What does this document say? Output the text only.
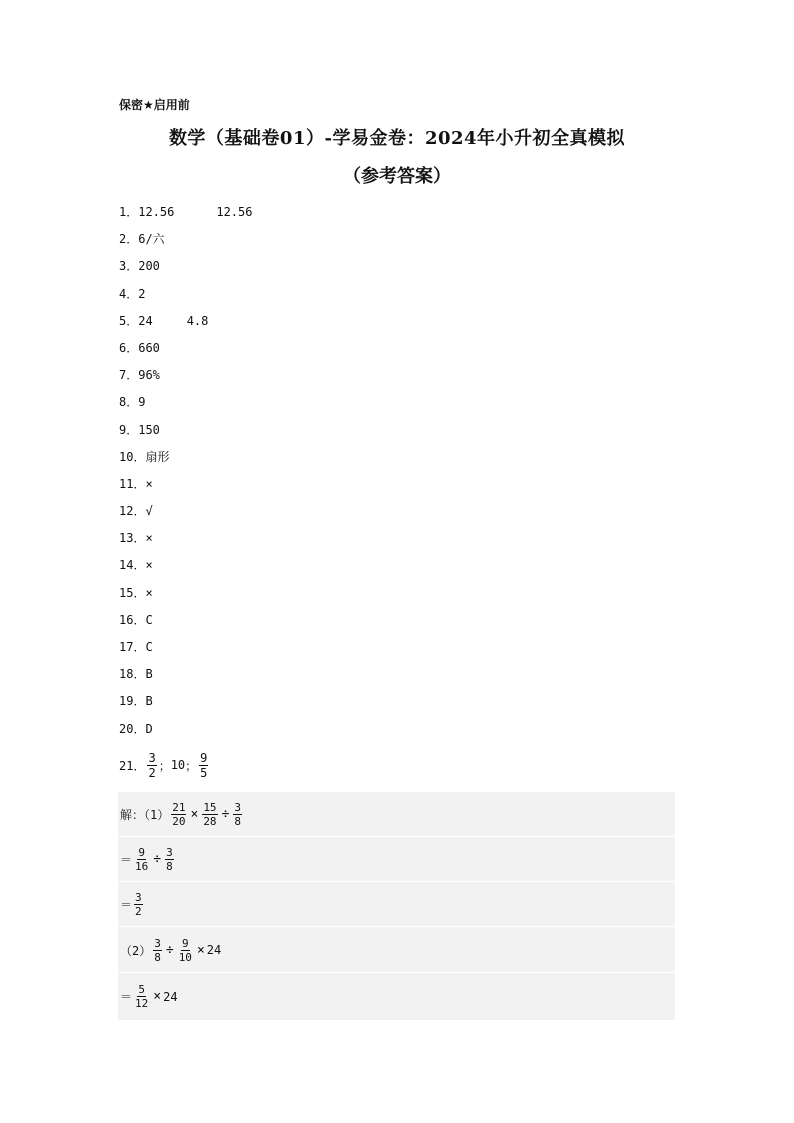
保密★启用前
数学（基础卷01）-学易金卷：2024年小升初全真模拟
（参考答案）
1．12.56	12.56
2．6/六
3．200
4．2
5．24	4.8
6．660
7．96%
8．9
9．150
10．扇形
11．×
12．√
13．×
14．×
15．×
16．C
17．C
18．B
19．B
20．D
21． $\frac{3}{2}$ ； 10 ； $\frac{9}{5}$
解：$(1) \frac{21}{20} \times \frac{15}{28} \div \frac{3}{8}$
＝ $\frac{9}{16} \div \frac{3}{8}$
＝ $\frac{3}{2}$
$(2) \frac{3}{8} \div \frac{9}{10} \times 24$
＝ $\frac{5}{12} \times 24$
